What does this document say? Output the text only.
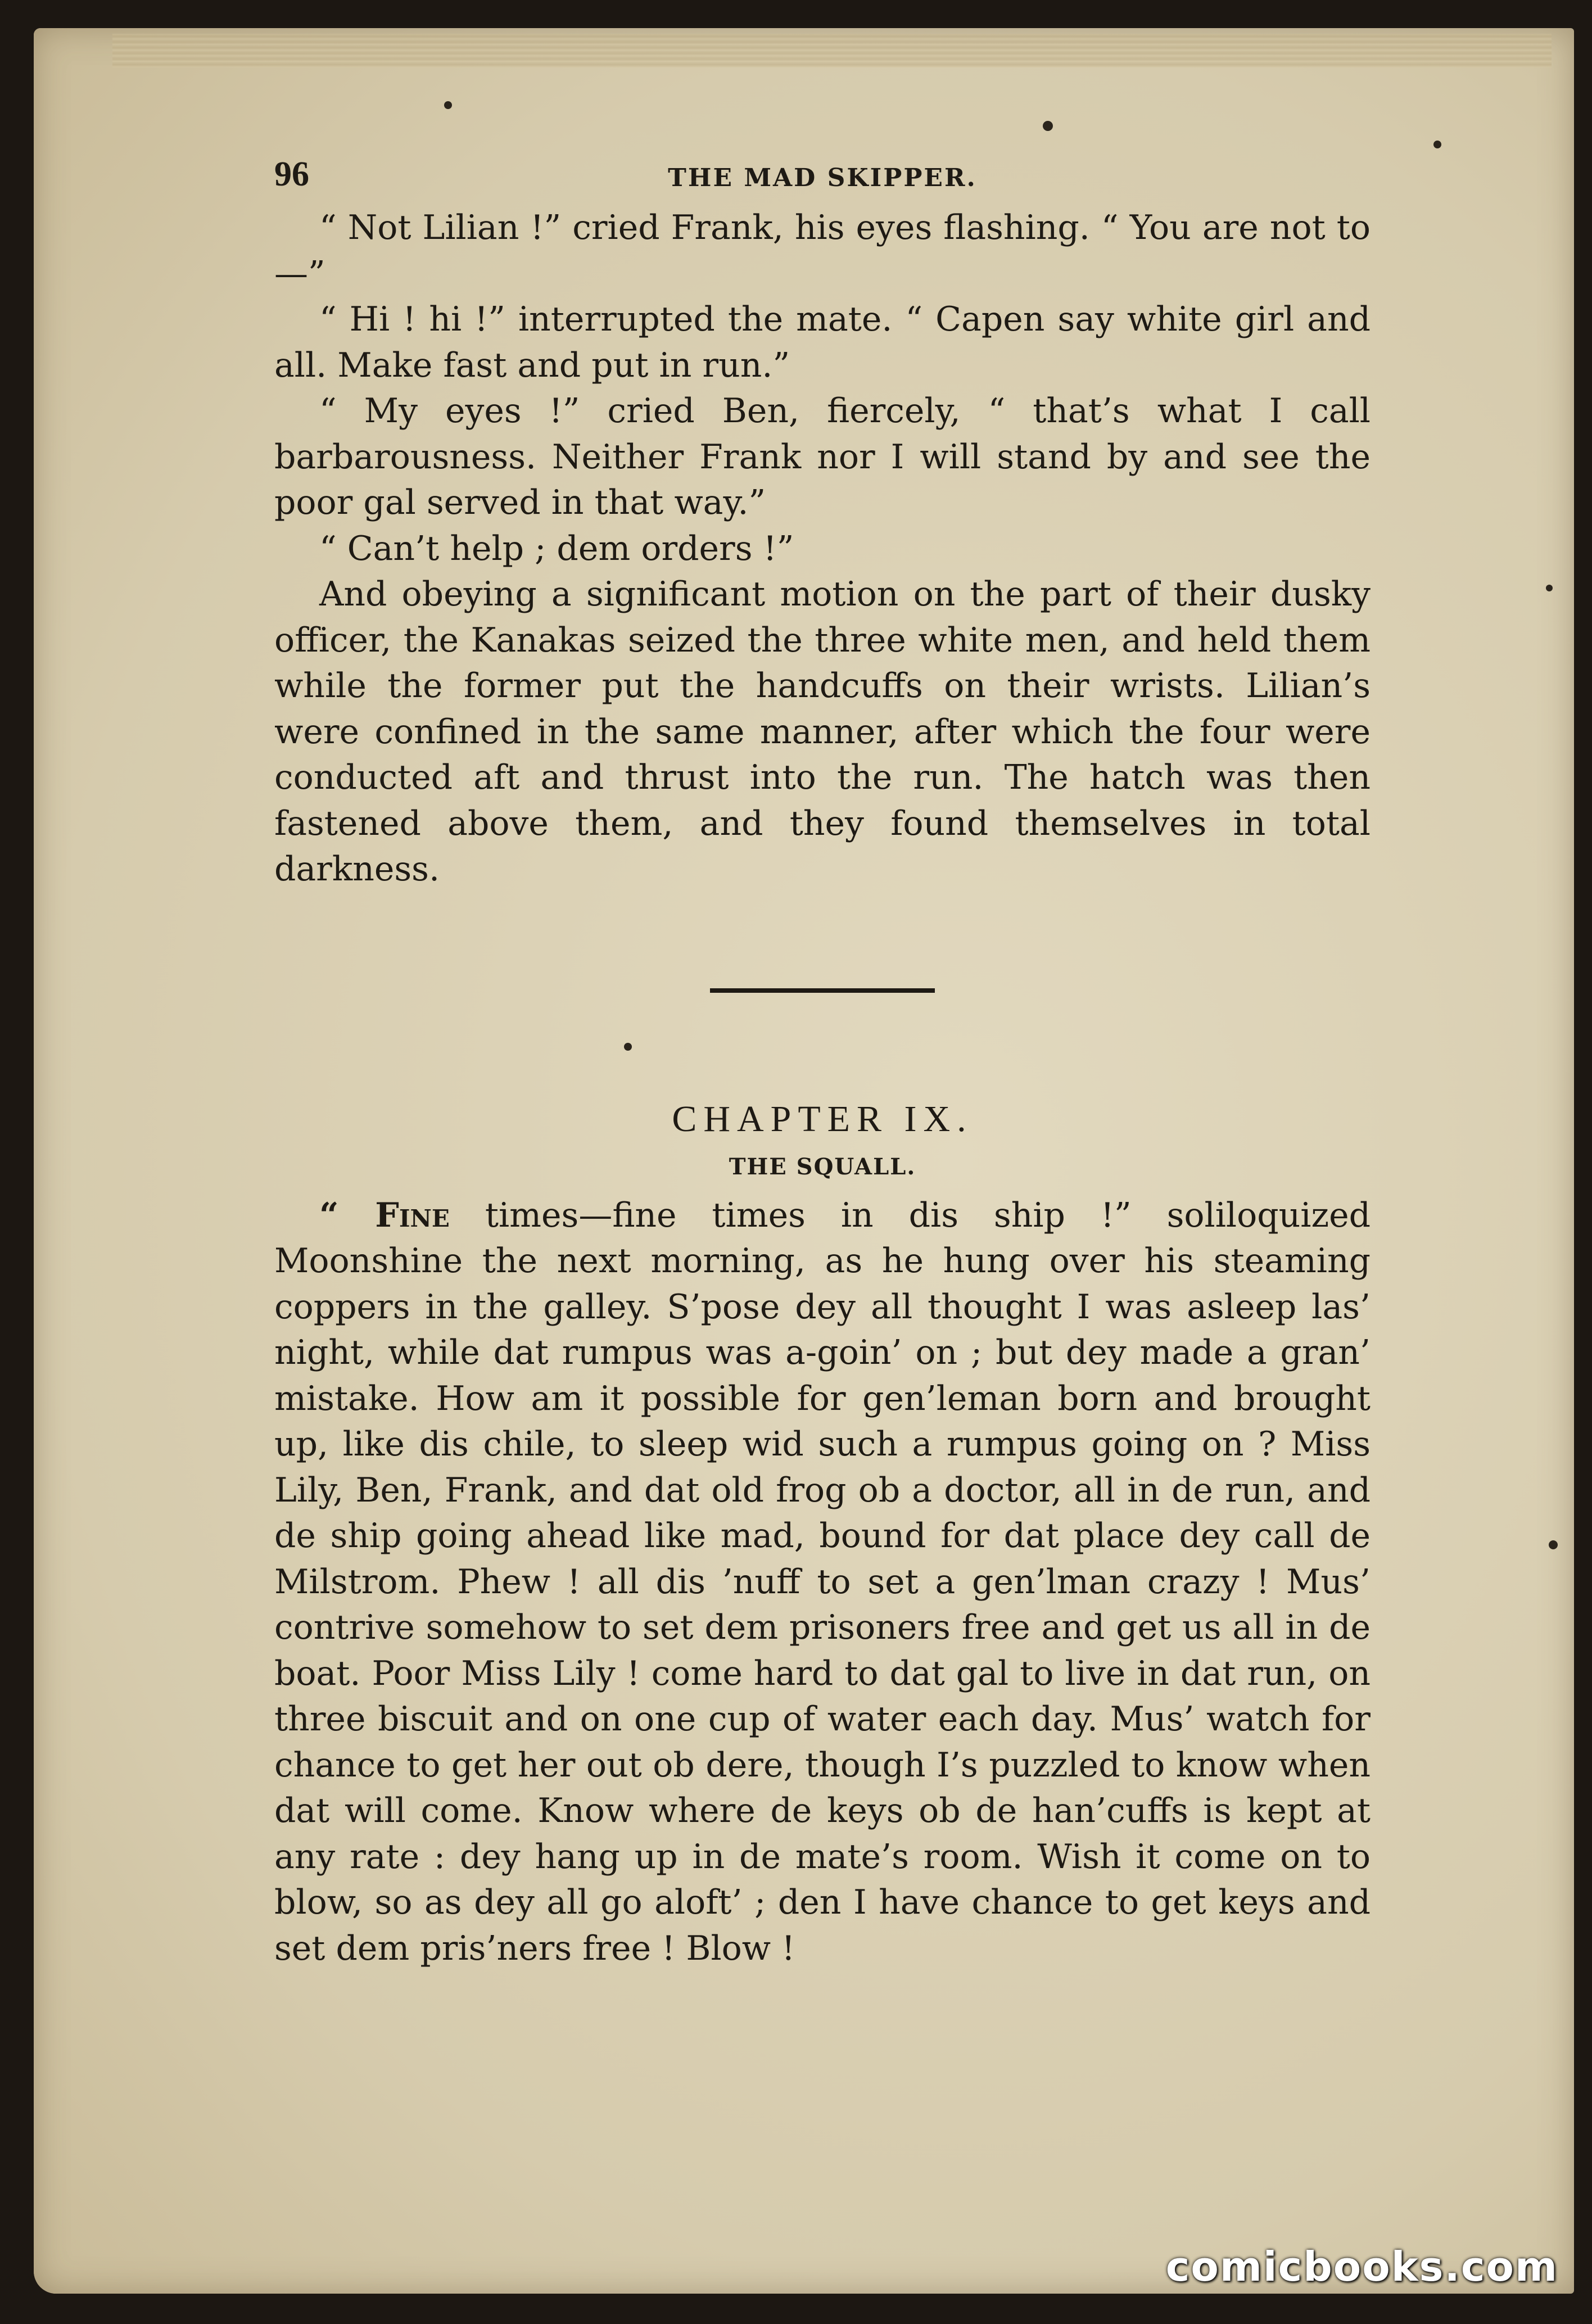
96	THE MAD SKIPPER.

“ Not Lilian !” cried Frank, his eyes flashing. “ You are not to—”

“ Hi ! hi !” interrupted the mate. “ Capen say white girl and all. Make fast and put in run.”

“ My eyes !” cried Ben, fiercely, “ that’s what I call barbarousness. Neither Frank nor I will stand by and see the poor gal served in that way.”

“ Can’t help ; dem orders !”

And obeying a significant motion on the part of their dusky officer, the Kanakas seized the three white men, and held them while the former put the handcuffs on their wrists. Lilian’s were confined in the same manner, after which the four were conducted aft and thrust into the run. The hatch was then fastened above them, and they found themselves in total darkness.

CHAPTER IX.
THE SQUALL.

“ Fine times—fine times in dis ship !” soliloquized Moonshine the next morning, as he hung over his steaming coppers in the galley. S’pose dey all thought I was asleep las’ night, while dat rumpus was a-goin’ on ; but dey made a gran’ mistake. How am it possible for gen’leman born and brought up, like dis chile, to sleep wid such a rumpus going on ? Miss Lily, Ben, Frank, and dat old frog ob a doctor, all in de run, and de ship going ahead like mad, bound for dat place dey call de Milstrom. Phew ! all dis ’nuff to set a gen’lman crazy ! Mus’ contrive somehow to set dem prisoners free and get us all in de boat. Poor Miss Lily ! come hard to dat gal to live in dat run, on three biscuit and on one cup of water each day. Mus’ watch for chance to get her out ob dere, though I’s puzzled to know when dat will come. Know where de keys ob de han’cuffs is kept at any rate : dey hang up in de mate’s room. Wish it come on to blow, so as dey all go aloft’ ; den I have chance to get keys and set dem pris’ners free ! Blow !

comicbooks.com
